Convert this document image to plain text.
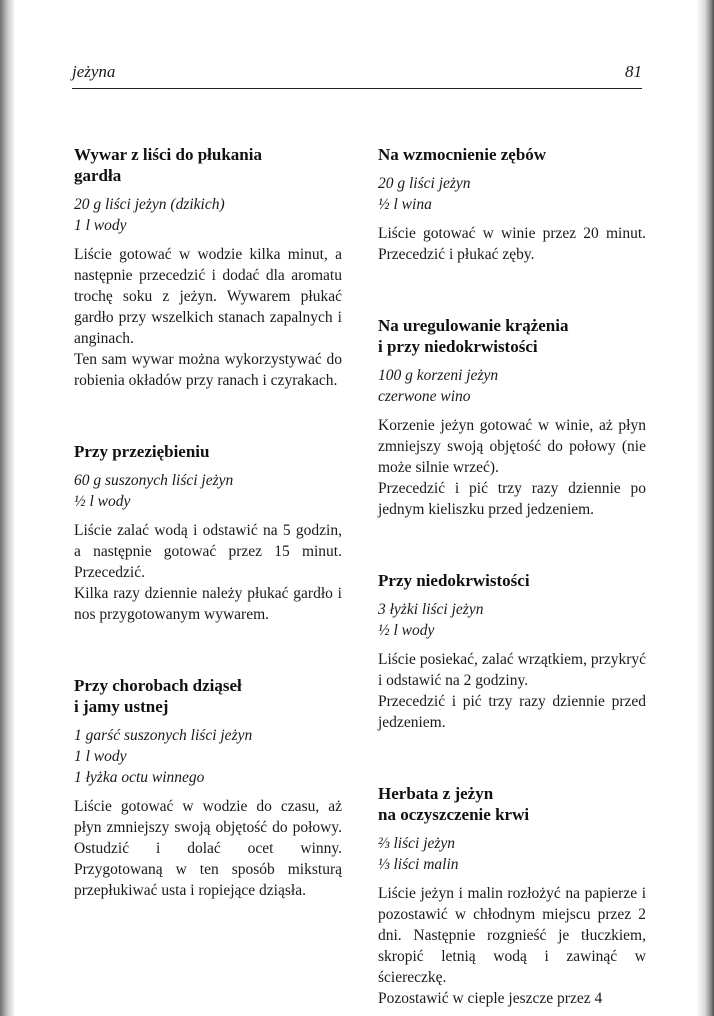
jeżyna	81
Wywar z liści do płukania
gardła
20 g liści jeżyn (dzikich)
1 l wody

Liście gotować w wodzie kilka minut, a następnie przecedzić i dodać dla aromatu trochę soku z jeżyn. Wywarem płukać gardło przy wszelkich stanach zapalnych i anginach.

Ten sam wywar można wykorzystywać do robienia okładów przy ranach i czyrakach.

Przy przeziębieniu
60 g suszonych liści jeżyn
½ l wody

Liście zalać wodą i odstawić na 5 godzin, a następnie gotować przez 15 minut. Przecedzić.

Kilka razy dziennie należy płukać gardło i nos przygotowanym wywarem.

Przy chorobach dziąseł
i jamy ustnej
1 garść suszonych liści jeżyn
1 l wody
1 łyżka octu winnego

Liście gotować w wodzie do czasu, aż płyn zmniejszy swoją objętość do połowy. Ostudzić i dolać ocet winny. Przygotowaną w ten sposób miksturą przepłukiwać usta i ropiejące dziąsła.

Na wzmocnienie zębów
20 g liści jeżyn
½ l wina

Liście gotować w winie przez 20 minut. Przecedzić i płukać zęby.

Na uregulowanie krążenia
i przy niedokrwistości
100 g korzeni jeżyn
czerwone wino

Korzenie jeżyn gotować w winie, aż płyn zmniejszy swoją objętość do połowy (nie może silnie wrzeć).

Przecedzić i pić trzy razy dziennie po jednym kieliszku przed jedzeniem.

Przy niedokrwistości
3 łyżki liści jeżyn
½ l wody

Liście posiekać, zalać wrzątkiem, przykryć i odstawić na 2 godziny.

Przecedzić i pić trzy razy dziennie przed jedzeniem.

Herbata z jeżyn
na oczyszczenie krwi
⅔ liści jeżyn
⅓ liści malin

Liście jeżyn i malin rozłożyć na papierze i pozostawić w chłodnym miejscu przez 2 dni. Następnie rozgnieść je tłuczkiem, skropić letnią wodą i zawinąć w ściereczkę.

Pozostawić w cieple jeszcze przez 4
